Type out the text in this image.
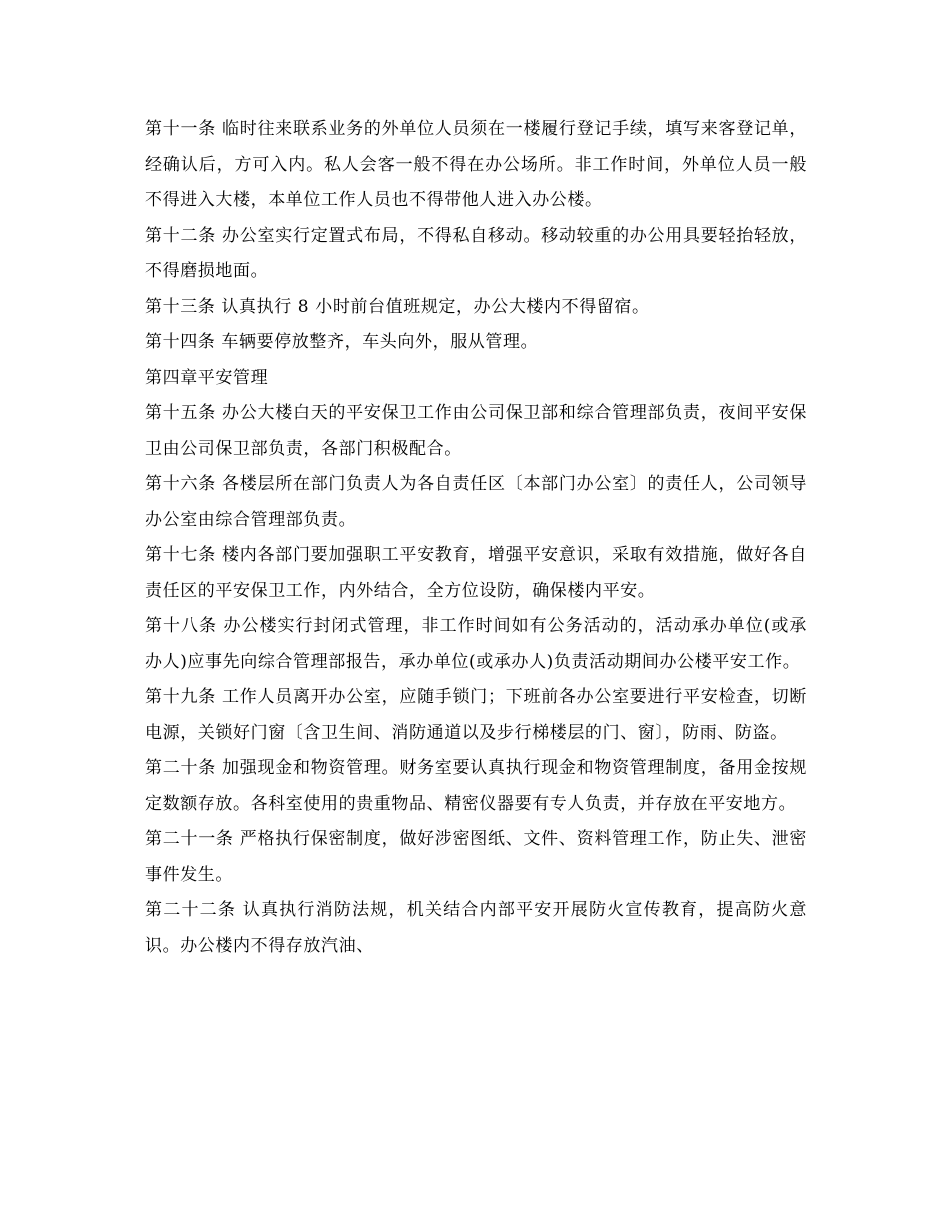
第十一条 临时往来联系业务的外单位人员须在一楼履行登记手续，填写来客登记单，经确认后，方可入内。私人会客一般不得在办公场所。非工作时间，外单位人员一般不得进入大楼，本单位工作人员也不得带他人进入办公楼。

第十二条 办公室实行定置式布局，不得私自移动。移动较重的办公用具要轻抬轻放，不得磨损地面。

第十三条 认真执行 8 小时前台值班规定，办公大楼内不得留宿。

第十四条 车辆要停放整齐，车头向外，服从管理。

第四章平安管理

第十五条 办公大楼白天的平安保卫工作由公司保卫部和综合管理部负责，夜间平安保卫由公司保卫部负责，各部门积极配合。

第十六条 各楼层所在部门负责人为各自责任区〔本部门办公室〕的责任人，公司领导办公室由综合管理部负责。

第十七条 楼内各部门要加强职工平安教育，增强平安意识，采取有效措施，做好各自责任区的平安保卫工作，内外结合，全方位设防，确保楼内平安。

第十八条 办公楼实行封闭式管理，非工作时间如有公务活动的，活动承办单位(或承办人)应事先向综合管理部报告，承办单位(或承办人)负责活动期间办公楼平安工作。

第十九条 工作人员离开办公室，应随手锁门；下班前各办公室要进行平安检查，切断电源，关锁好门窗〔含卫生间、消防通道以及步行梯楼层的门、窗〕，防雨、防盗。

第二十条 加强现金和物资管理。财务室要认真执行现金和物资管理制度，备用金按规定数额存放。各科室使用的贵重物品、精密仪器要有专人负责，并存放在平安地方。

第二十一条 严格执行保密制度，做好涉密图纸、文件、资料管理工作，防止失、泄密事件发生。

第二十二条 认真执行消防法规，机关结合内部平安开展防火宣传教育，提高防火意识。办公楼内不得存放汽油、
